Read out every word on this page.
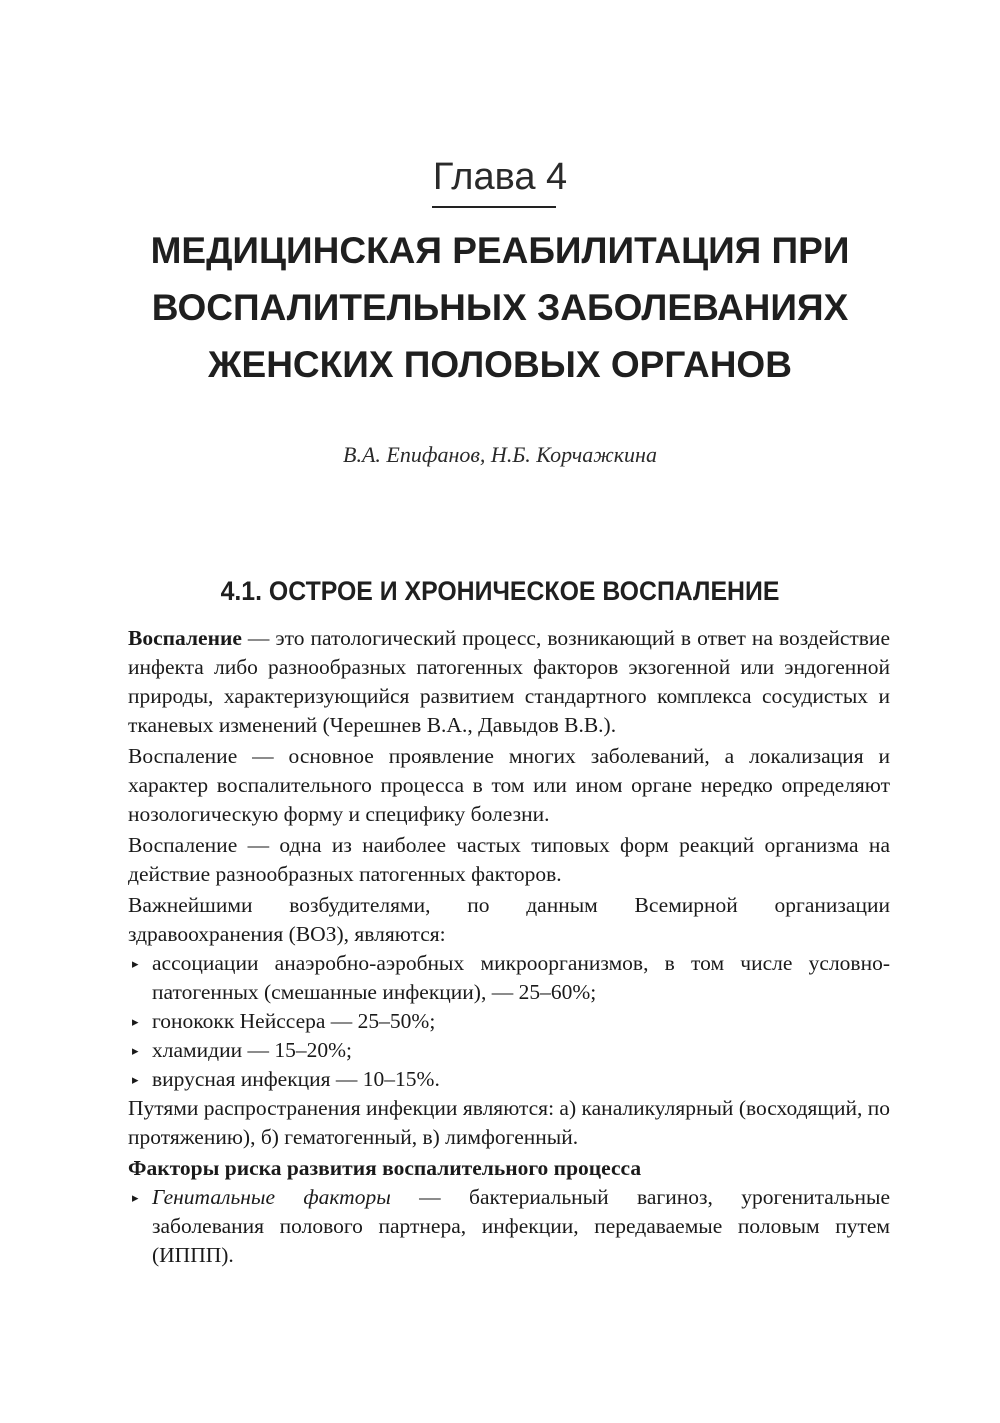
Глава 4
МЕДИЦИНСКАЯ РЕАБИЛИТАЦИЯ ПРИ
ВОСПАЛИТЕЛЬНЫХ ЗАБОЛЕВАНИЯХ
ЖЕНСКИХ ПОЛОВЫХ ОРГАНОВ
В.А. Епифанов, Н.Б. Корчажкина
4.1. ОСТРОЕ И ХРОНИЧЕСКОЕ ВОСПАЛЕНИЕ

Воспаление — это патологический процесс, возникающий в ответ на воздействие инфекта либо разнообразных патогенных факторов экзогенной или эндогенной природы, характеризующийся развитием стандартного комплекса сосудистых и тканевых изменений (Черешнев В.А., Давыдов В.В.).

Воспаление — основное проявление многих заболеваний, а локализация и характер воспалительного процесса в том или ином органе нередко определяют нозологическую форму и специфику болезни.

Воспаление — одна из наиболее частых типовых форм реакций организма на действие разнообразных патогенных факторов.

Важнейшими возбудителями, по данным Всемирной организации здравоохранения (ВОЗ), являются:

▸ ассоциации анаэробно-аэробных микроорганизмов, в том числе условно-патогенных (смешанные инфекции), — 25–60%;
▸ гонококк Нейссера — 25–50%;
▸ хламидии — 15–20%;
▸ вирусная инфекция — 10–15%.

Путями распространения инфекции являются: а) каналикулярный (восходящий, по протяжению), б) гематогенный, в) лимфогенный.

Факторы риска развития воспалительного процесса

▸ Генитальные факторы — бактериальный вагиноз, урогенитальные заболевания полового партнера, инфекции, передаваемые половым путем (ИППП).
